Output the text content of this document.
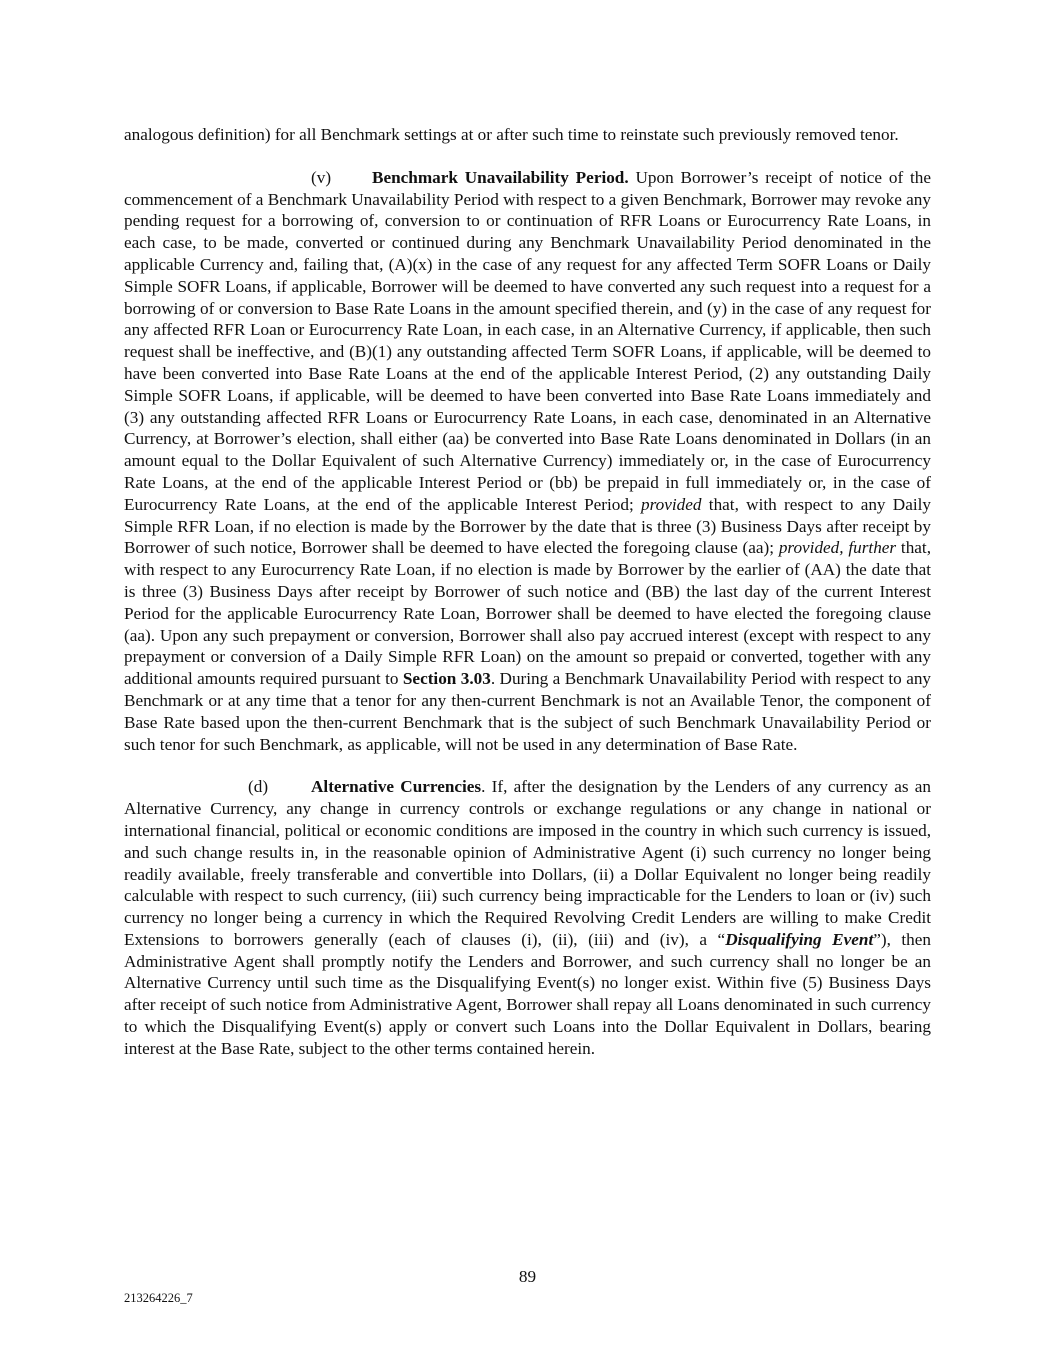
analogous definition) for all Benchmark settings at or after such time to reinstate such previously removed tenor.

(v) Benchmark Unavailability Period. Upon Borrower’s receipt of notice of the commencement of a Benchmark Unavailability Period with respect to a given Benchmark, Borrower may revoke any pending request for a borrowing of, conversion to or continuation of RFR Loans or Eurocurrency Rate Loans, in each case, to be made, converted or continued during any Benchmark Unavailability Period denominated in the applicable Currency and, failing that, (A)(x) in the case of any request for any affected Term SOFR Loans or Daily Simple SOFR Loans, if applicable, Borrower will be deemed to have converted any such request into a request for a borrowing of or conversion to Base Rate Loans in the amount specified therein, and (y) in the case of any request for any affected RFR Loan or Eurocurrency Rate Loan, in each case, in an Alternative Currency, if applicable, then such request shall be ineffective, and (B)(1) any outstanding affected Term SOFR Loans, if applicable, will be deemed to have been converted into Base Rate Loans at the end of the applicable Interest Period, (2) any outstanding Daily Simple SOFR Loans, if applicable, will be deemed to have been converted into Base Rate Loans immediately and (3) any outstanding affected RFR Loans or Eurocurrency Rate Loans, in each case, denominated in an Alternative Currency, at Borrower’s election, shall either (aa) be converted into Base Rate Loans denominated in Dollars (in an amount equal to the Dollar Equivalent of such Alternative Currency) immediately or, in the case of Eurocurrency Rate Loans, at the end of the applicable Interest Period or (bb) be prepaid in full immediately or, in the case of Eurocurrency Rate Loans, at the end of the applicable Interest Period; provided that, with respect to any Daily Simple RFR Loan, if no election is made by the Borrower by the date that is three (3) Business Days after receipt by Borrower of such notice, Borrower shall be deemed to have elected the foregoing clause (aa); provided, further that, with respect to any Eurocurrency Rate Loan, if no election is made by Borrower by the earlier of (AA) the date that is three (3) Business Days after receipt by Borrower of such notice and (BB) the last day of the current Interest Period for the applicable Eurocurrency Rate Loan, Borrower shall be deemed to have elected the foregoing clause (aa). Upon any such prepayment or conversion, Borrower shall also pay accrued interest (except with respect to any prepayment or conversion of a Daily Simple RFR Loan) on the amount so prepaid or converted, together with any additional amounts required pursuant to Section 3.03. During a Benchmark Unavailability Period with respect to any Benchmark or at any time that a tenor for any then-current Benchmark is not an Available Tenor, the component of Base Rate based upon the then-current Benchmark that is the subject of such Benchmark Unavailability Period or such tenor for such Benchmark, as applicable, will not be used in any determination of Base Rate.

(d) Alternative Currencies. If, after the designation by the Lenders of any currency as an Alternative Currency, any change in currency controls or exchange regulations or any change in national or international financial, political or economic conditions are imposed in the country in which such currency is issued, and such change results in, in the reasonable opinion of Administrative Agent (i) such currency no longer being readily available, freely transferable and convertible into Dollars, (ii) a Dollar Equivalent no longer being readily calculable with respect to such currency, (iii) such currency being impracticable for the Lenders to loan or (iv) such currency no longer being a currency in which the Required Revolving Credit Lenders are willing to make Credit Extensions to borrowers generally (each of clauses (i), (ii), (iii) and (iv), a “Disqualifying Event”), then Administrative Agent shall promptly notify the Lenders and Borrower, and such currency shall no longer be an Alternative Currency until such time as the Disqualifying Event(s) no longer exist. Within five (5) Business Days after receipt of such notice from Administrative Agent, Borrower shall repay all Loans denominated in such currency to which the Disqualifying Event(s) apply or convert such Loans into the Dollar Equivalent in Dollars, bearing interest at the Base Rate, subject to the other terms contained herein.

89
213264226_7
